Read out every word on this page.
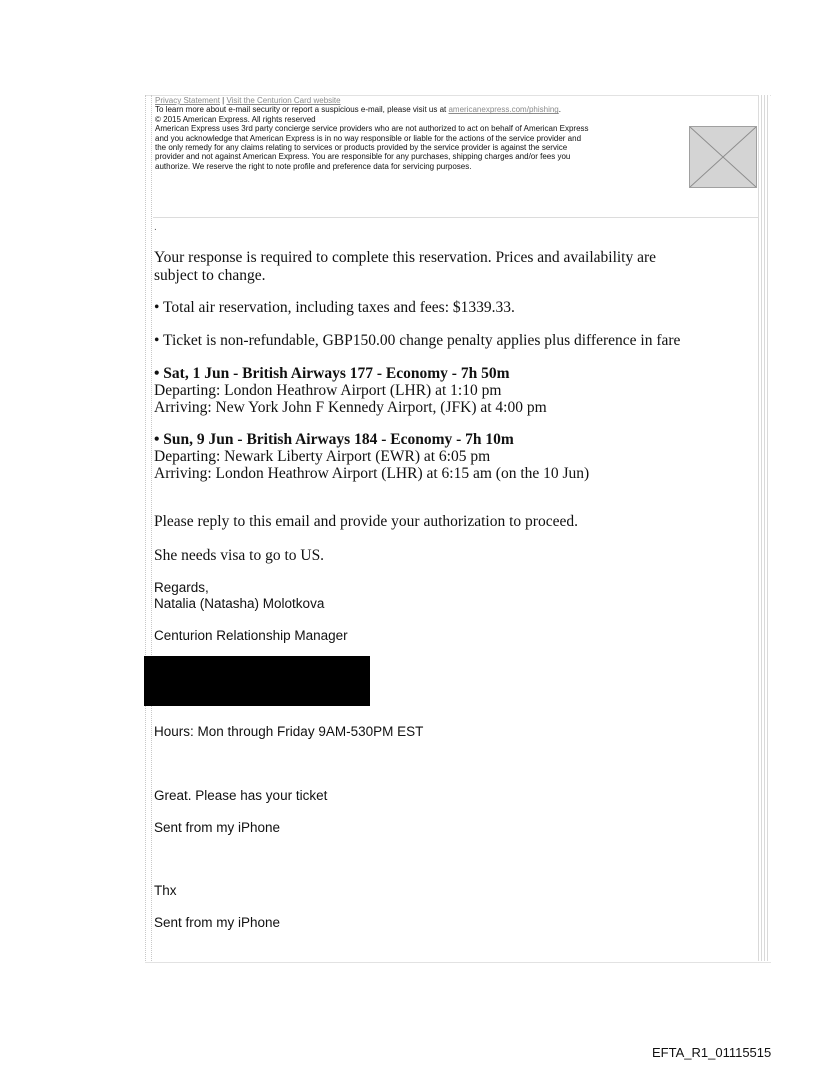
Privacy Statement | Visit the Centurion Card website
To learn more about e-mail security or report a suspicious e-mail, please visit us at americanexpress.com/phishing.
© 2015 American Express. All rights reserved
American Express uses 3rd party concierge service providers who are not authorized to act on behalf of American Express
and you acknowledge that American Express is in no way responsible or liable for the actions of the service provider and
the only remedy for any claims relating to services or products provided by the service provider is against the service
provider and not against American Express. You are responsible for any purchases, shipping charges and/or fees you
authorize. We reserve the right to note profile and preference data for servicing purposes.
.
Your response is required to complete this reservation. Prices and availability are
subject to change.
• Total air reservation, including taxes and fees: $1339.33.
• Ticket is non-refundable, GBP150.00 change penalty applies plus difference in fare
• Sat, 1 Jun - British Airways 177 - Economy - 7h 50m
Departing: London Heathrow Airport (LHR) at 1:10 pm
Arriving: New York John F Kennedy Airport, (JFK) at 4:00 pm
• Sun, 9 Jun - British Airways 184 - Economy - 7h 10m
Departing: Newark Liberty Airport (EWR) at 6:05 pm
Arriving: London Heathrow Airport (LHR) at 6:15 am (on the 10 Jun)
Please reply to this email and provide your authorization to proceed.
She needs visa to go to US.
Regards,
Natalia (Natasha) Molotkova
Centurion Relationship Manager
Hours: Mon through Friday 9AM-530PM EST
Great. Please has your ticket
Sent from my iPhone
Thx
Sent from my iPhone
EFTA_R1_01115515
